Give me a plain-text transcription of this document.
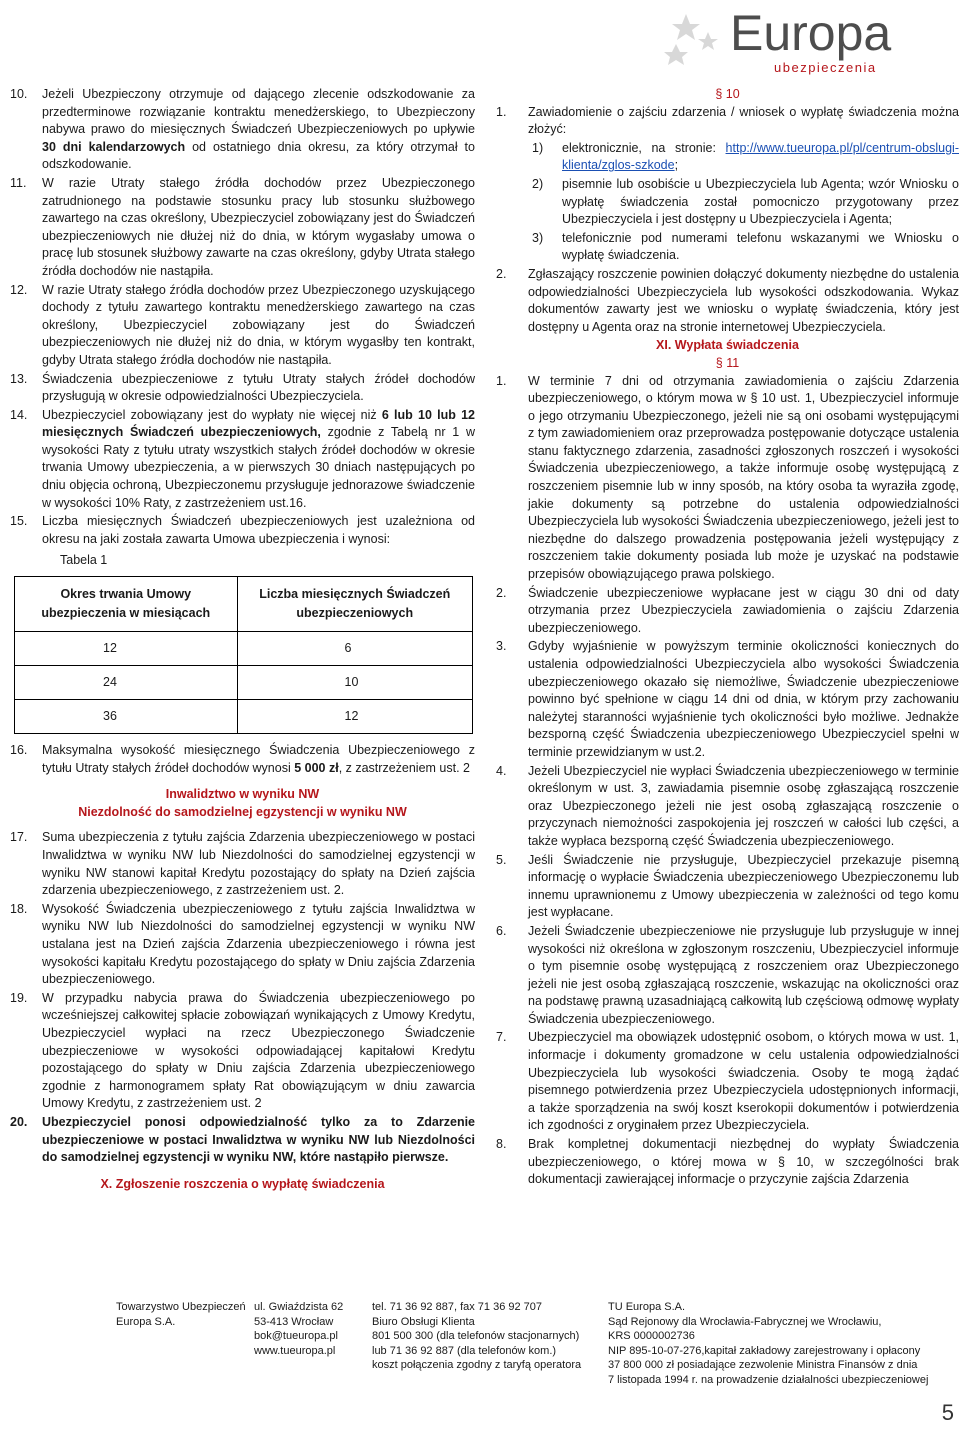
Europa
ubezpieczenia
10. Jeżeli Ubezpieczony otrzymuje od dającego zlecenie odszkodowanie za przedterminowe rozwiązanie kontraktu menedżerskiego, to Ubezpieczony nabywa prawo do miesięcznych Świadczeń Ubezpieczeniowych po upływie 30 dni kalendarzowych od ostatniego dnia okresu, za który otrzymał to odszkodowanie.
11. W razie Utraty stałego źródła dochodów przez Ubezpieczonego zatrudnionego na podstawie stosunku pracy lub stosunku służbowego zawartego na czas określony, Ubezpieczyciel zobowiązany jest do Świadczeń ubezpieczeniowych nie dłużej niż do dnia, w którym wygasłaby umowa o pracę lub stosunek służbowy zawarte na czas określony, gdyby Utrata stałego źródła dochodów nie nastąpiła.
12. W razie Utraty stałego źródła dochodów przez Ubezpieczonego uzyskującego dochody z tytułu zawartego kontraktu menedżerskiego zawartego na czas określony, Ubezpieczyciel zobowiązany jest do Świadczeń ubezpieczeniowych nie dłużej niż do dnia, w którym wygasłby ten kontrakt, gdyby Utrata stałego źródła dochodów nie nastąpiła.
13. Świadczenia ubezpieczeniowe z tytułu Utraty stałych źródeł dochodów przysługują w okresie odpowiedzialności Ubezpieczyciela.
14. Ubezpieczyciel zobowiązany jest do wypłaty nie więcej niż 6 lub 10 lub 12 miesięcznych Świadczeń ubezpieczeniowych, zgodnie z Tabelą nr 1 w wysokości Raty z tytułu utraty wszystkich stałych źródeł dochodów w okresie trwania Umowy ubezpieczenia, a w pierwszych 30 dniach następujących po dniu objęcia ochroną, Ubezpieczonemu przysługuje jednorazowe świadczenie w wysokości 10% Raty, z zastrzeżeniem ust.16.
15. Liczba miesięcznych Świadczeń ubezpieczeniowych jest uzależniona od okresu na jaki została zawarta Umowa ubezpieczenia i wynosi:
Tabela 1
Okres trwania Umowy ubezpieczenia w miesiącach	Liczba miesięcznych Świadczeń ubezpieczeniowych
12	6
24	10
36	12
16. Maksymalna wysokość miesięcznego Świadczenia Ubezpieczeniowego z tytułu Utraty stałych źródeł dochodów wynosi 5 000 zł, z zastrzeżeniem ust. 2
Inwalidztwo w wyniku NW
Niezdolność do samodzielnej egzystencji w wyniku NW
17. Suma ubezpieczenia z tytułu zajścia Zdarzenia ubezpieczeniowego w postaci Inwalidztwa w wyniku NW lub Niezdolności do samodzielnej egzystencji w wyniku NW stanowi kapitał Kredytu pozostający do spłaty na Dzień zajścia zdarzenia ubezpieczeniowego, z zastrzeżeniem ust. 2.
18. Wysokość Świadczenia ubezpieczeniowego z tytułu zajścia Inwalidztwa w wyniku NW lub Niezdolności do samodzielnej egzystencji w wyniku NW ustalana jest na Dzień zajścia Zdarzenia ubezpieczeniowego i równa jest wysokości kapitału Kredytu pozostającego do spłaty w Dniu zajścia Zdarzenia ubezpieczeniowego.
19. W przypadku nabycia prawa do Świadczenia ubezpieczeniowego po wcześniejszej całkowitej spłacie zobowiązań wynikających z Umowy Kredytu, Ubezpieczyciel wypłaci na rzecz Ubezpieczonego Świadczenie ubezpieczeniowe w wysokości odpowiadającej kapitałowi Kredytu pozostającego do spłaty w Dniu zajścia Zdarzenia ubezpieczeniowego zgodnie z harmonogramem spłaty Rat obowiązującym w dniu zawarcia Umowy Kredytu, z zastrzeżeniem ust. 2
20. Ubezpieczyciel ponosi odpowiedzialność tylko za to Zdarzenie ubezpieczeniowe w postaci Inwalidztwa w wyniku NW lub Niezdolności do samodzielnej egzystencji w wyniku NW, które nastąpiło pierwsze.
X. Zgłoszenie roszczenia o wypłatę świadczenia
§ 10
1. Zawiadomienie o zajściu zdarzenia / wniosek o wypłatę świadczenia można złożyć:
1) elektronicznie, na stronie: http://www.tueuropa.pl/pl/centrum-obslugi-klienta/zglos-szkode;
2) pisemnie lub osobiście u Ubezpieczyciela lub Agenta; wzór Wniosku o wypłatę świadczenia został pomocniczo przygotowany przez Ubezpieczyciela i jest dostępny u Ubezpieczyciela i Agenta;
3) telefonicznie pod numerami telefonu wskazanymi we Wniosku o wypłatę świadczenia.
2. Zgłaszający roszczenie powinien dołączyć dokumenty niezbędne do ustalenia odpowiedzialności Ubezpieczyciela lub wysokości odszkodowania. Wykaz dokumentów zawarty jest we wniosku o wypłatę świadczenia, który jest dostępny u Agenta oraz na stronie internetowej Ubezpieczyciela.
XI. Wypłata świadczenia
§ 11
1. W terminie 7 dni od otrzymania zawiadomienia o zajściu Zdarzenia ubezpieczeniowego, o którym mowa w § 10 ust. 1, Ubezpieczyciel informuje o jego otrzymaniu Ubezpieczonego, jeżeli nie są oni osobami występującymi z tym zawiadomieniem oraz przeprowadza postępowanie dotyczące ustalenia stanu faktycznego zdarzenia, zasadności zgłoszonych roszczeń i wysokości Świadczenia ubezpieczeniowego, a także informuje osobę występującą z roszczeniem pisemnie lub w inny sposób, na który osoba ta wyraziła zgodę, jakie dokumenty są potrzebne do ustalenia odpowiedzialności Ubezpieczyciela lub wysokości Świadczenia ubezpieczeniowego, jeżeli jest to niezbędne do dalszego prowadzenia postępowania jeżeli występujący z roszczeniem takie dokumenty posiada lub może je uzyskać na podstawie przepisów obowiązującego prawa polskiego.
2. Świadczenie ubezpieczeniowe wypłacane jest w ciągu 30 dni od daty otrzymania przez Ubezpieczyciela zawiadomienia o zajściu Zdarzenia ubezpieczeniowego.
3. Gdyby wyjaśnienie w powyższym terminie okoliczności koniecznych do ustalenia odpowiedzialności Ubezpieczyciela albo wysokości Świadczenia ubezpieczeniowego okazało się niemożliwe, Świadczenie ubezpieczeniowe powinno być spełnione w ciągu 14 dni od dnia, w którym przy zachowaniu należytej staranności wyjaśnienie tych okoliczności było możliwe. Jednakże bezsporną część Świadczenia ubezpieczeniowego Ubezpieczyciel spełni w terminie przewidzianym w ust.2.
4. Jeżeli Ubezpieczyciel nie wypłaci Świadczenia ubezpieczeniowego w terminie określonym w ust. 3, zawiadamia pisemnie osobę zgłaszającą roszczenie oraz Ubezpieczonego jeżeli nie jest osobą zgłaszającą roszczenie o przyczynach niemożności zaspokojenia jej roszczeń w całości lub części, a także wypłaca bezsporną część Świadczenia ubezpieczeniowego.
5. Jeśli Świadczenie nie przysługuje, Ubezpieczyciel przekazuje pisemną informację o wypłacie Świadczenia ubezpieczeniowego Ubezpieczonemu lub innemu uprawnionemu z Umowy ubezpieczenia w zależności od tego komu jest wypłacane.
6. Jeżeli Świadczenie ubezpieczeniowe nie przysługuje lub przysługuje w innej wysokości niż określona w zgłoszonym roszczeniu, Ubezpieczyciel informuje o tym pisemnie osobę występującą z roszczeniem oraz Ubezpieczonego jeżeli nie jest osobą zgłaszającą roszczenie, wskazując na okoliczności oraz na podstawę prawną uzasadniającą całkowitą lub częściową odmowę wypłaty Świadczenia ubezpieczeniowego.
7. Ubezpieczyciel ma obowiązek udostępnić osobom, o których mowa w ust. 1, informacje i dokumenty gromadzone w celu ustalenia odpowiedzialności Ubezpieczyciela lub wysokości świadczenia. Osoby te mogą żądać pisemnego potwierdzenia przez Ubezpieczyciela udostępnionych informacji, a także sporządzenia na swój koszt kserokopii dokumentów i potwierdzenia ich zgodności z oryginałem przez Ubezpieczyciela.
8. Brak kompletnej dokumentacji niezbędnej do wypłaty Świadczenia ubezpieczeniowego, o której mowa w § 10, w szczególności brak dokumentacji zawierającej informacje o przyczynie zajścia Zdarzenia
Towarzystwo Ubezpieczeń
Europa S.A.
ul. Gwiaździsta 62
53-413 Wrocław
bok@tueuropa.pl
www.tueuropa.pl
tel. 71 36 92 887, fax 71 36 92 707
Biuro Obsługi Klienta
801 500 300 (dla telefonów stacjonarnych)
lub 71 36 92 887 (dla telefonów kom.)
koszt połączenia zgodny z taryfą operatora
TU Europa S.A.
Sąd Rejonowy dla Wrocławia-Fabrycznej we Wrocławiu,
KRS 0000002736
NIP 895-10-07-276,kapitał zakładowy zarejestrowany i opłacony
37 800 000 zł posiadające zezwolenie Ministra Finansów z dnia
7 listopada 1994 r. na prowadzenie działalności ubezpieczeniowej
5
